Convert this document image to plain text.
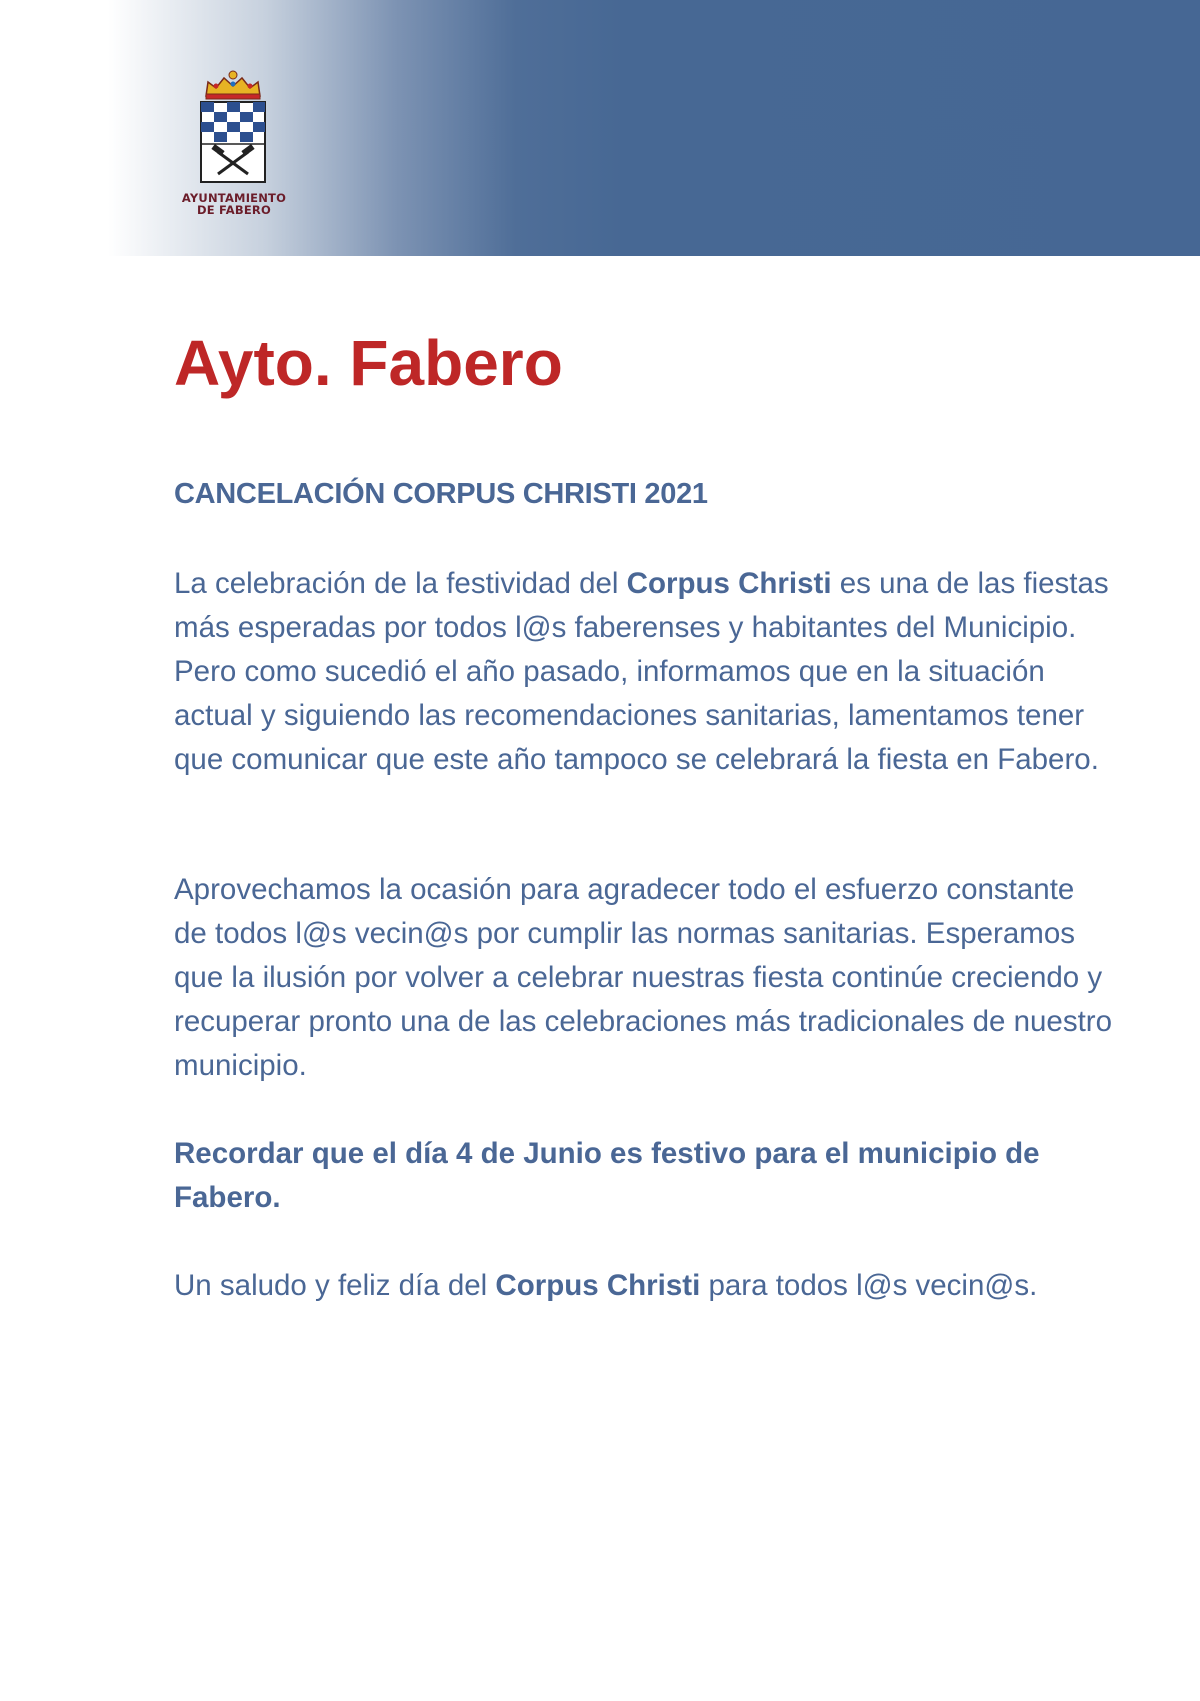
AYUNTAMIENTO
DE FABERO
Ayto. Fabero
CANCELACIÓN CORPUS CHRISTI 2021

La celebración de la festividad del Corpus Christi es una de las fiestas más esperadas por todos l@s faberenses y habitantes del Municipio. Pero como sucedió el año pasado, informamos que en la situación actual y siguiendo las recomendaciones sanitarias, lamentamos tener que comunicar que este año tampoco se celebrará la fiesta en Fabero.

Aprovechamos la ocasión para agradecer todo el esfuerzo constante de todos l@s vecin@s por cumplir las normas sanitarias. Esperamos que la ilusión por volver a celebrar nuestras fiesta continúe creciendo y recuperar pronto una de las celebraciones más tradicionales de nuestro municipio.

Recordar que el día 4 de Junio es festivo para el municipio de Fabero.

Un saludo y feliz día del Corpus Christi para todos l@s vecin@s.
